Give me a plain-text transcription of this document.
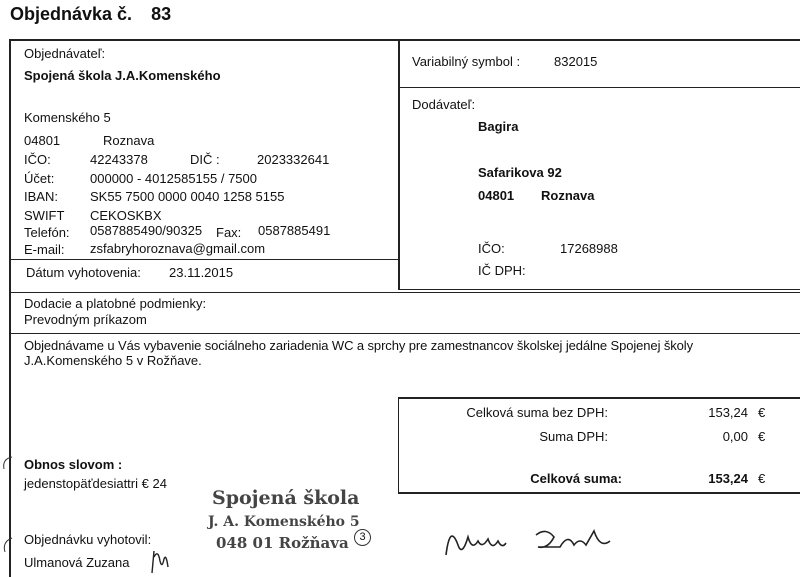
Objednávka č. 83
Objednávateľ:
Spojená škola J.A.Komenského
Komenského 5
04801	Roznava
IČO:	42243378	DIČ :	2023332641
Účet:	000000 - 4012585155 / 7500
IBAN: SK55 7500 0000 0040 1258 5155
SWIFT CEKOSKBX
Telefón: 0587885490/90325 Fax: 0587885491
E-mail: zsfabryhoroznava@gmail.com
Dátum vyhotovenia: 23.11.2015
Variabilný symbol :	832015
Dodávateľ:
Bagira
Safarikova 92
04801 Roznava
IČO:	17268988
IČ DPH:
Dodacie a platobné podmienky:
Prevodným príkazom
Objednávame u Vás vybavenie sociálneho zariadenia WC a sprchy pre zamestnancov školskej jedálne Spojenej školy
J.A.Komenského 5 v Rožňave.
Celková suma bez DPH:	153,24 €
Suma DPH:	0,00 €
Celková suma:	153,24 €
Obnos slovom :
jedenstopäťdesiattri € 24
Objednávku vyhotovil:
Ulmanová Zuzana
Spojená škola
J. A. Komenského 5
048 01 Rožňava 3
